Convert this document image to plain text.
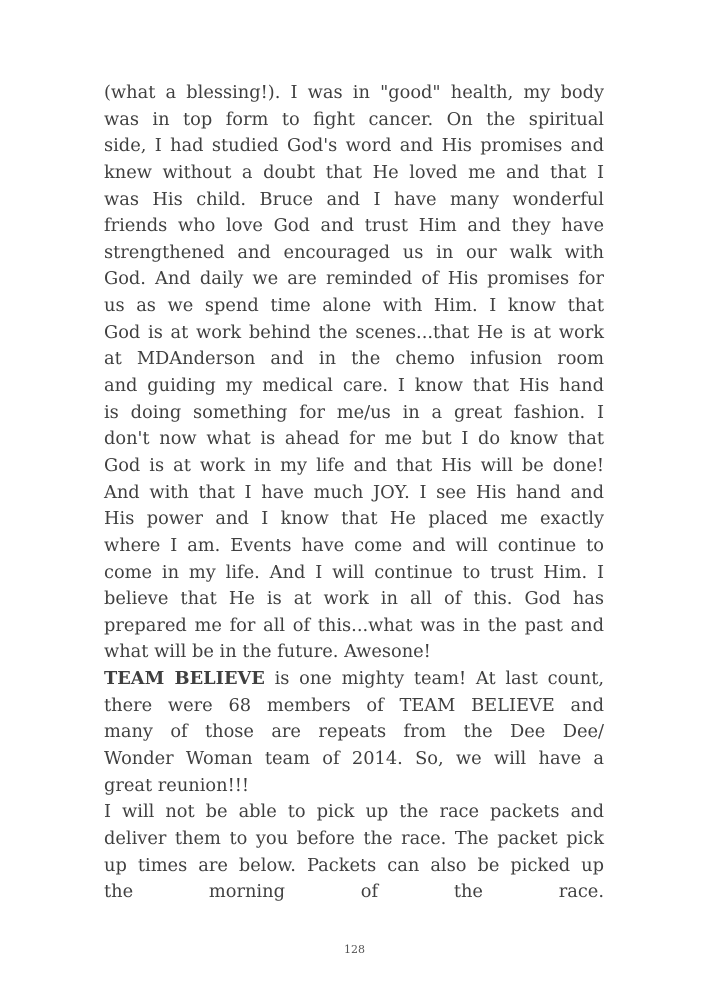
(what a blessing!). I was in "good" health, my body
was in top form to fight cancer. On the spiritual
side, I had studied God's word and His promises and
knew without a doubt that He loved me and that I
was His child. Bruce and I have many wonderful
friends who love God and trust Him and they have
strengthened and encouraged us in our walk with
God. And daily we are reminded of His promises for
us as we spend time alone with Him. I know that
God is at work behind the scenes...that He is at work
at MDAnderson and in the chemo infusion room
and guiding my medical care. I know that His hand
is doing something for me/us in a great fashion. I
don't now what is ahead for me but I do know that
God is at work in my life and that His will be done!
And with that I have much JOY. I see His hand and
His power and I know that He placed me exactly
where I am. Events have come and will continue to
come in my life. And I will continue to trust Him. I
believe that He is at work in all of this. God has
prepared me for all of this...what was in the past and
what will be in the future. Awesone!
TEAM BELIEVE is one mighty team! At last count,
there were 68 members of TEAM BELIEVE and
many of those are repeats from the Dee Dee/
Wonder Woman team of 2014. So, we will have a
great reunion!!!
I will not be able to pick up the race packets and
deliver them to you before the race. The packet pick
up times are below. Packets can also be picked up
the morning of the race.
128
